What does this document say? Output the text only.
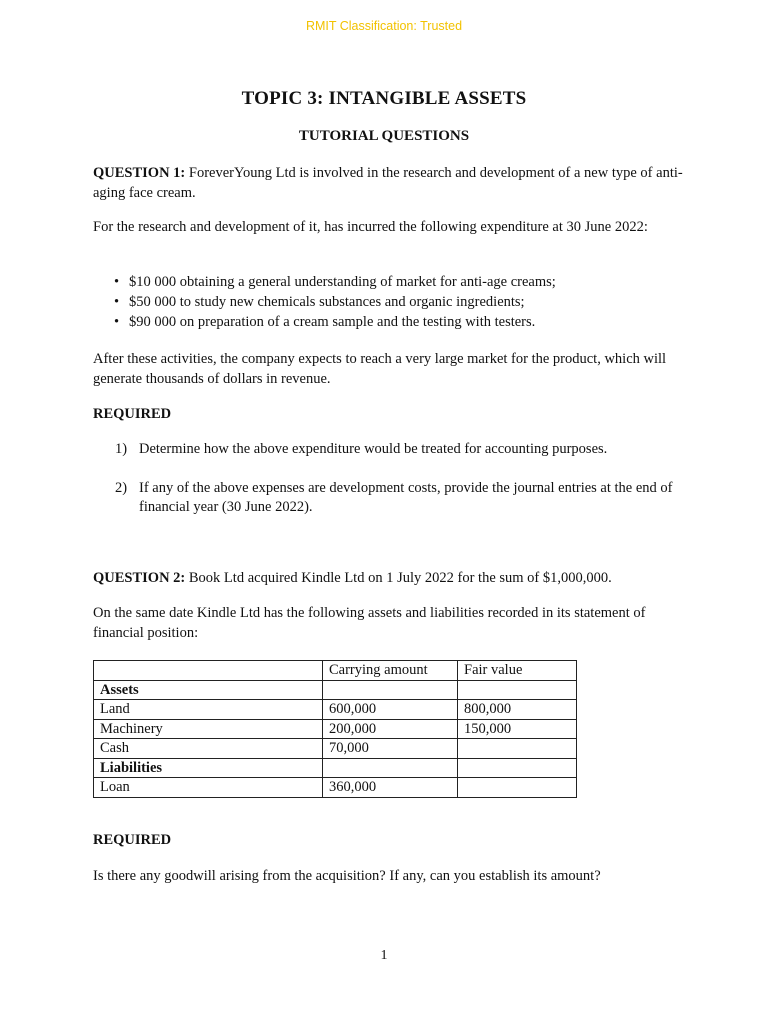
RMIT Classification: Trusted
TOPIC 3: INTANGIBLE ASSETS
TUTORIAL QUESTIONS
QUESTION 1: ForeverYoung Ltd is involved in the research and development of a new type of anti-aging face cream.
For the research and development of it, has incurred the following expenditure at 30 June 2022:
• $10 000 obtaining a general understanding of market for anti-age creams;
• $50 000 to study new chemicals substances and organic ingredients;
• $90 000 on preparation of a cream sample and the testing with testers.
After these activities, the company expects to reach a very large market for the product, which will generate thousands of dollars in revenue.
REQUIRED
1) Determine how the above expenditure would be treated for accounting purposes.
2) If any of the above expenses are development costs, provide the journal entries at the end of financial year (30 June 2022).
QUESTION 2: Book Ltd acquired Kindle Ltd on 1 July 2022 for the sum of $1,000,000.
On the same date Kindle Ltd has the following assets and liabilities recorded in its statement of financial position:
	Carrying amount	Fair value
Assets		
Land	600,000	800,000
Machinery	200,000	150,000
Cash	70,000	
Liabilities		
Loan	360,000	
REQUIRED
Is there any goodwill arising from the acquisition? If any, can you establish its amount?
1
